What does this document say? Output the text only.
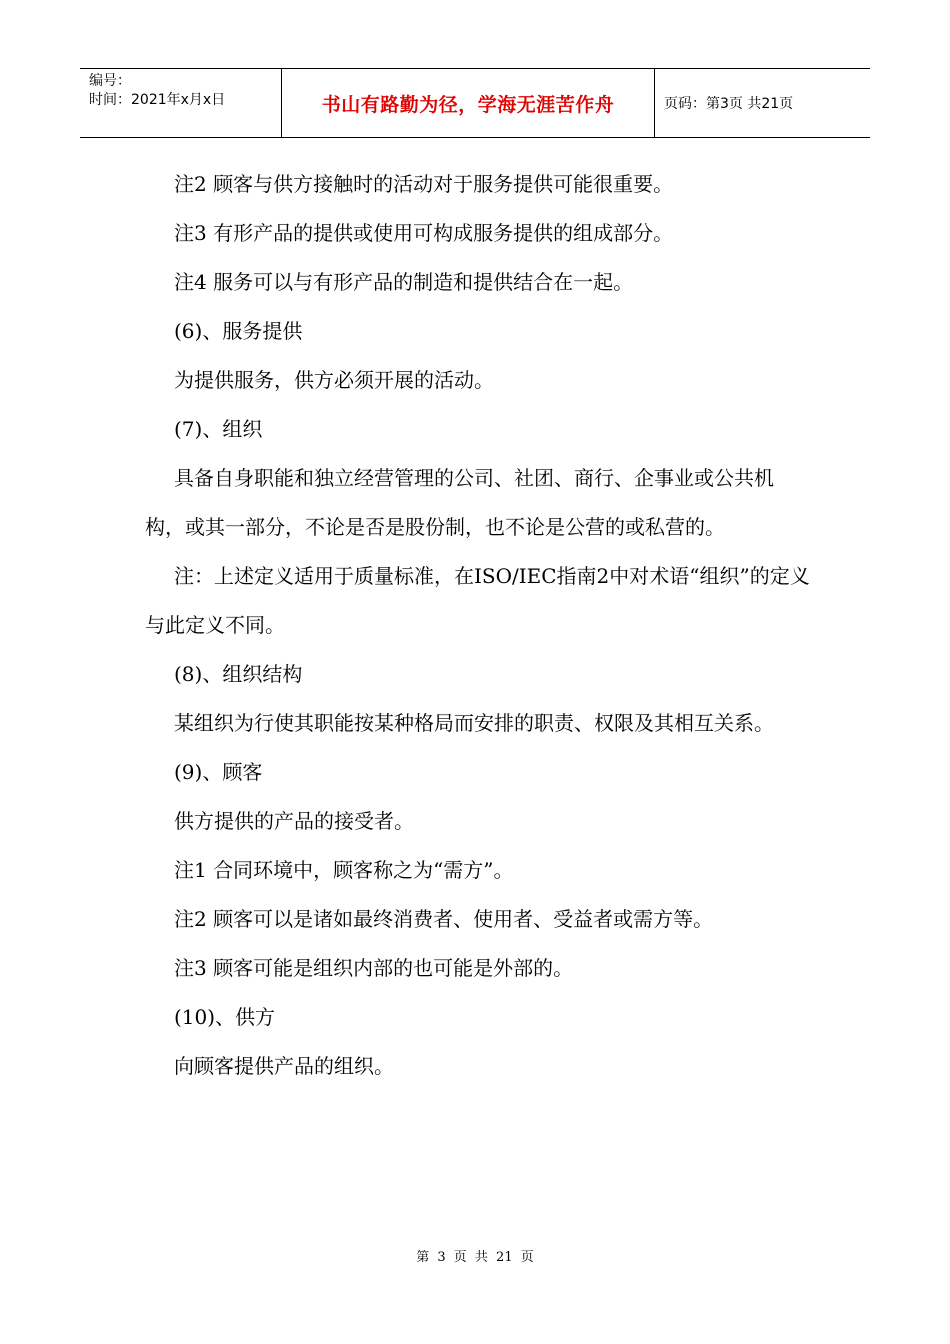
编号：
时间：2021年x月x日	书山有路勤为径，学海无涯苦作舟	页码：第3页 共21页

注2 顾客与供方接触时的活动对于服务提供可能很重要。

注3 有形产品的提供或使用可构成服务提供的组成部分。

注4 服务可以与有形产品的制造和提供结合在一起。

(6)、服务提供

为提供服务，供方必须开展的活动。

(7)、组织

具备自身职能和独立经营管理的公司、社团、商行、企事业或公共机构，或其一部分，不论是否是股份制，也不论是公营的或私营的。

注：上述定义适用于质量标准，在ISO/IEC指南2中对术语“组织”的定义与此定义不同。

(8)、组织结构

某组织为行使其职能按某种格局而安排的职责、权限及其相互关系。

(9)、顾客

供方提供的产品的接受者。

注1 合同环境中，顾客称之为“需方”。

注2 顾客可以是诸如最终消费者、使用者、受益者或需方等。

注3 顾客可能是组织内部的也可能是外部的。

(10)、供方

向顾客提供产品的组织。

第 3 页 共 21 页
